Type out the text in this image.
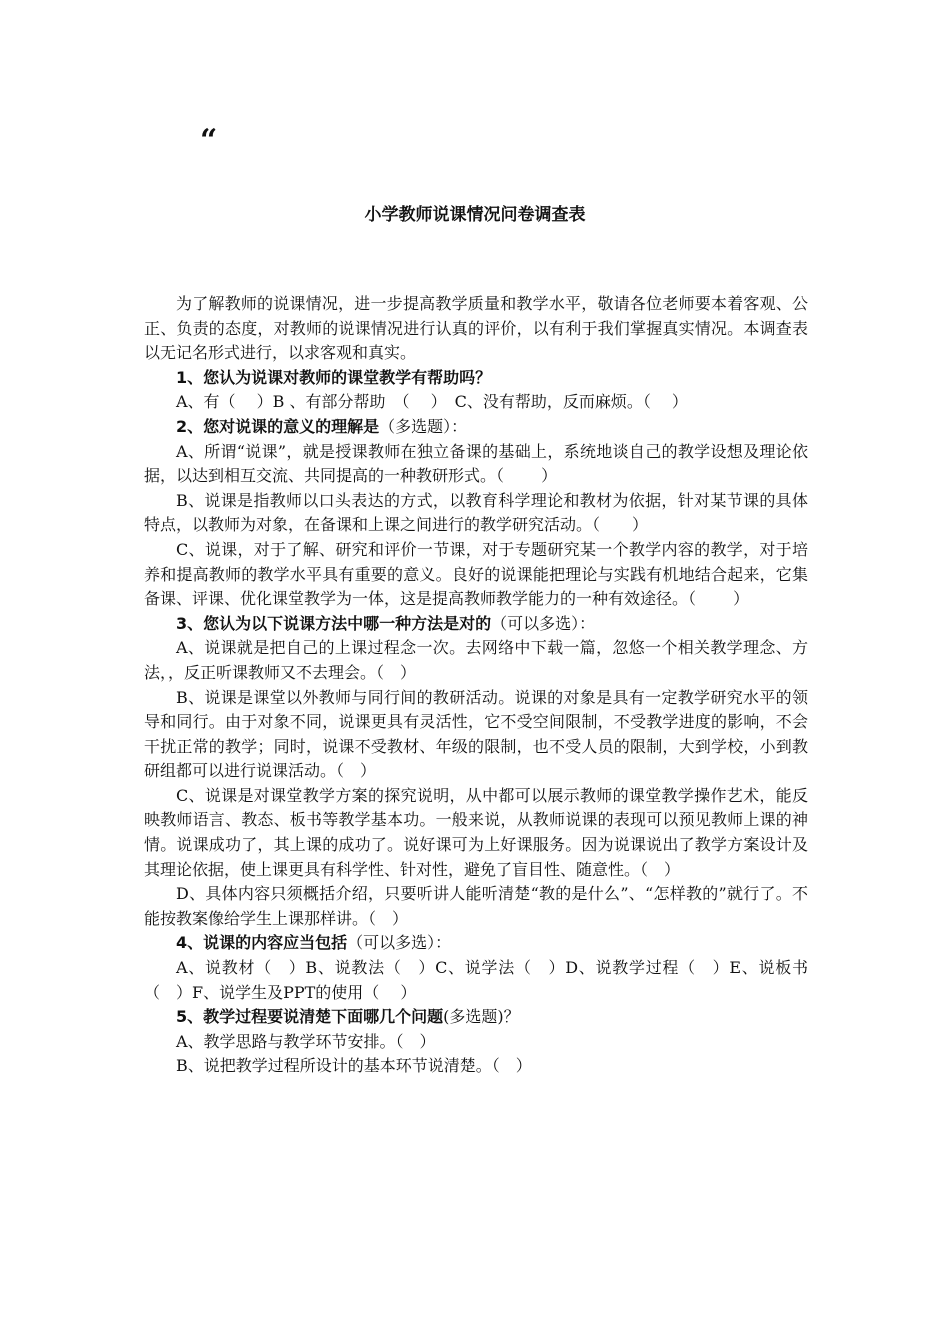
“
小学教师说课情况问卷调查表

为了解教师的说课情况，进一步提高教学质量和教学水平，敬请各位老师要本着客观、公正、负责的态度，对教师的说课情况进行认真的评价，以有利于我们掌握真实情况。本调查表以无记名形式进行，以求客观和真实。

1、您认为说课对教师的课堂教学有帮助吗？

A、有（　 ）B 、有部分帮助　（　 ）　C、没有帮助，反而麻烦。（　 ）

2、您对说课的意义的理解是（多选题）：

A、所谓“说课”，就是授课教师在独立备课的基础上，系统地谈自己的教学设想及理论依据，以达到相互交流、共同提高的一种教研形式。（　　 ）

B、说课是指教师以口头表达的方式，以教育科学理论和教材为依据，针对某节课的具体特点，以教师为对象，在备课和上课之间进行的教学研究活动。（　　）

C、说课，对于了解、研究和评价一节课，对于专题研究某一个教学内容的教学，对于培养和提高教师的教学水平具有重要的意义。良好的说课能把理论与实践有机地结合起来，它集备课、评课、优化课堂教学为一体，这是提高教师教学能力的一种有效途径。（　　 ）

3、您认为以下说课方法中哪一种方法是对的（可以多选）：

A、说课就是把自己的上课过程念一次。去网络中下载一篇，忽悠一个相关教学理念、方法，，反正听课教师又不去理会。（　）

B、说课是课堂以外教师与同行间的教研活动。说课的对象是具有一定教学研究水平的领导和同行。由于对象不同，说课更具有灵活性，它不受空间限制，不受教学进度的影响，不会干扰正常的教学；同时，说课不受教材、年级的限制，也不受人员的限制，大到学校，小到教研组都可以进行说课活动。（　）

C、说课是对课堂教学方案的探究说明，从中都可以展示教师的课堂教学操作艺术，能反映教师语言、教态、板书等教学基本功。一般来说，从教师说课的表现可以预见教师上课的神情。说课成功了，其上课的成功了。说好课可为上好课服务。因为说课说出了教学方案设计及其理论依据，使上课更具有科学性、针对性，避免了盲目性、随意性。（　）

D、具体内容只须概括介绍，只要听讲人能听清楚“教的是什么”、“怎样教的”就行了。不能按教案像给学生上课那样讲。（　）

4、说课的内容应当包括（可以多选）：

A、说教材（　）B、说教法（　）C、说学法（　）D、说教学过程（　）E、说板书（　）F、说学生及PPT的使用（　 ）

5、教学过程要说清楚下面哪几个问题(多选题)？

A、教学思路与教学环节安排。（　）

B、说把教学过程所设计的基本环节说清楚。（　）
